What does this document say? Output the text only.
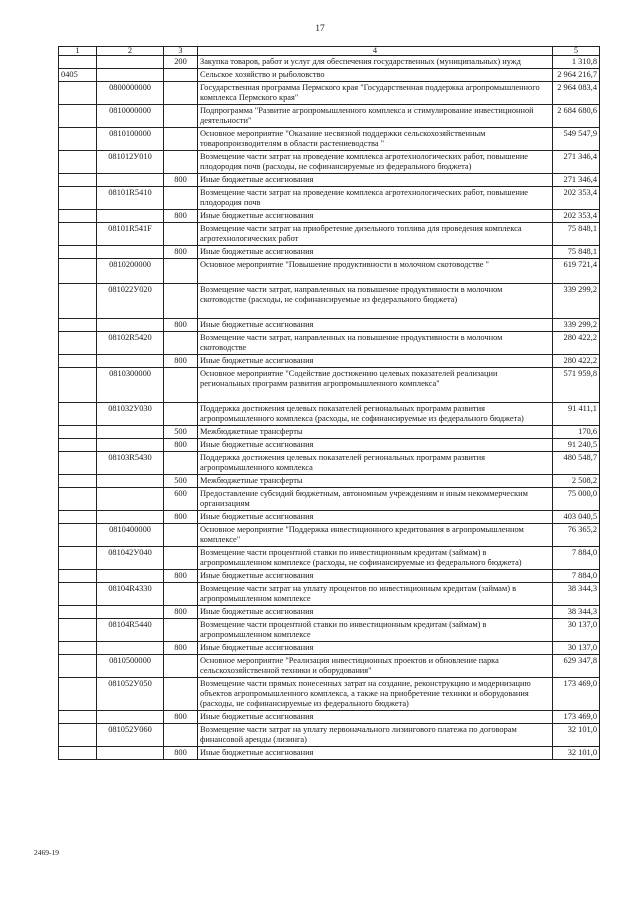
17
1	2	3	4	5
		200	Закупка товаров, работ и услуг для обеспечения государственных (муниципальных) нужд	1 310,8
0405			Сельское хозяйство и рыболовство	2 964 216,7
	0800000000		Государственная программа Пермского края "Государственная поддержка агропромышленного комплекса Пермского края"	2 964 083,4
	0810000000		Подпрограмма "Развитие агропромышленного комплекса и стимулирование инвестиционной деятельности"	2 684 680,6
	0810100000		Основное мероприятие "Оказание несвязной поддержки сельскохозяйственным товаропроизводителям в области растениеводства "	549 547,9
	081012У010		Возмещение части затрат на проведение комплекса агротехнологических работ, повышение плодородия почв (расходы, не софинансируемые из федерального бюджета)	271 346,4
		800	Иные бюджетные ассигнования	271 346,4
	08101R5410		Возмещение части затрат на проведение комплекса агротехнологических работ, повышение плодородия почв	202 353,4
		800	Иные бюджетные ассигнования	202 353,4
	08101R541F		Возмещение части затрат на приобретение дизельного топлива для проведения комплекса агротехнологических работ	75 848,1
		800	Иные бюджетные ассигнования	75 848,1
	0810200000		Основное мероприятие "Повышение продуктивности в молочном скотоводстве "	619 721,4
	081022У020		Возмещение части затрат, направленных на повышение продуктивности в молочном скотоводстве (расходы, не софинансируемые из федерального бюджета)	339 299,2
		800	Иные бюджетные ассигнования	339 299,2
	08102R5420		Возмещение части затрат, направленных на повышение продуктивности в молочном скотоводстве	280 422,2
		800	Иные бюджетные ассигнования	280 422,2
	0810300000		Основное мероприятие "Содействие достижению целевых показателей реализации региональных программ развития агропромышленного комплекса"	571 959,8
	081032У030		Поддержка достижения целевых показателей региональных программ развития агропромышленного комплекса (расходы, не софинансируемые из федерального бюджета)	91 411,1
		500	Межбюджетные трансферты	170,6
		800	Иные бюджетные ассигнования	91 240,5
	08103R5430		Поддержка достижения целевых показателей региональных программ развития агропромышленного комплекса	480 548,7
		500	Межбюджетные трансферты	2 508,2
		600	Предоставление субсидий бюджетным, автономным учреждениям и иным некоммерческим организациям	75 000,0
		800	Иные бюджетные ассигнования	403 040,5
	0810400000		Основное мероприятие "Поддержка инвестиционного кредитования в агропромышленном комплексе"	76 365,2
	081042У040		Возмещение части процентной ставки по инвестиционным кредитам (займам) в агропромышленном комплексе (расходы, не софинансируемые из федерального бюджета)	7 884,0
		800	Иные бюджетные ассигнования	7 884,0
	08104R4330		Возмещение части затрат на уплату процентов по инвестиционным кредитам (займам) в агропромышленном комплексе	38 344,3
		800	Иные бюджетные ассигнования	38 344,3
	08104R5440		Возмещение части процентной ставки по инвестиционным кредитам (займам) в агропромышленном комплексе	30 137,0
		800	Иные бюджетные ассигнования	30 137,0
	0810500000		Основное мероприятие "Реализация инвестиционных проектов и обновление парка сельскохозяйственной техники и оборудования"	629 347,8
	081052У050		Возмещение части прямых понесенных затрат на создание, реконструкцию и модернизацию объектов агропромышленного комплекса, а также на приобретение техники и оборудования (расходы, не софинансируемые из федерального бюджета)	173 469,0
		800	Иные бюджетные ассигнования	173 469,0
	081052У060		Возмещение части затрат на уплату первоначального лизингового платежа по договорам финансовой аренды (лизинга)	32 101,0
		800	Иные бюджетные ассигнования	32 101,0
2469-19
